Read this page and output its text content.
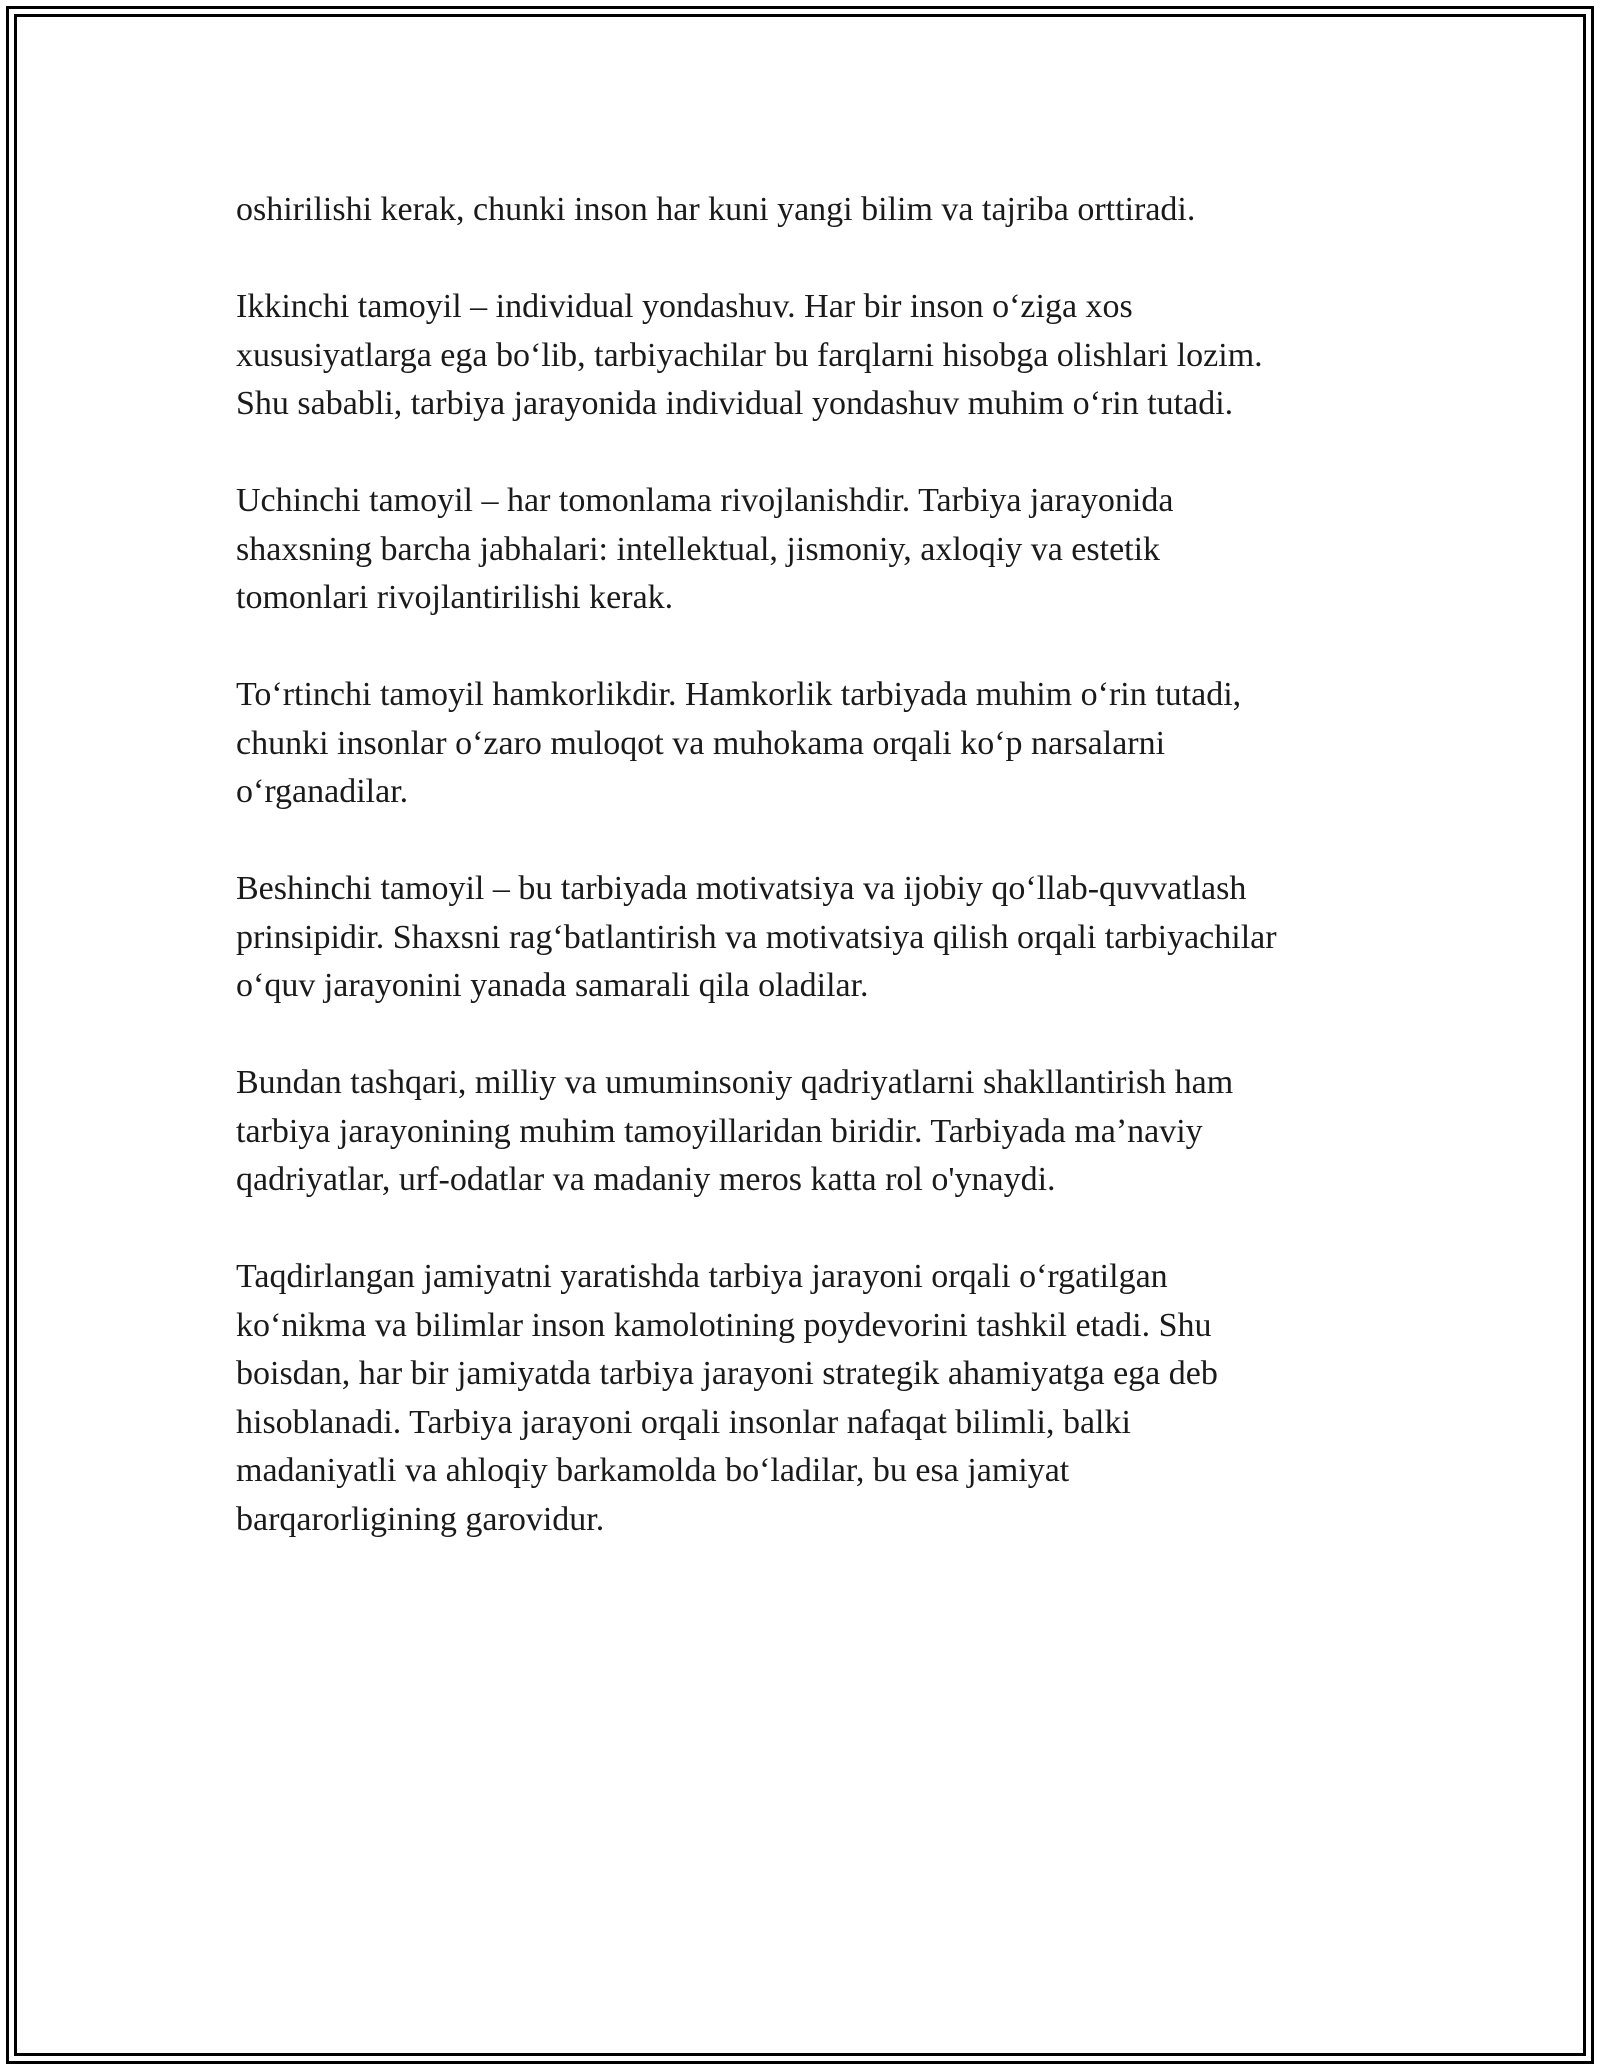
oshirilishi kerak, chunki inson har kuni yangi bilim va tajriba orttiradi.

Ikkinchi tamoyil – individual yondashuv. Har bir inson oʻziga xos
xususiyatlarga ega boʻlib, tarbiyachilar bu farqlarni hisobga olishlari lozim.
Shu sababli, tarbiya jarayonida individual yondashuv muhim oʻrin tutadi.

Uchinchi tamoyil – har tomonlama rivojlanishdir. Tarbiya jarayonida
shaxsning barcha jabhalari: intellektual, jismoniy, axloqiy va estetik
tomonlari rivojlantirilishi kerak.

Toʻrtinchi tamoyil hamkorlikdir. Hamkorlik tarbiyada muhim oʻrin tutadi,
chunki insonlar oʻzaro muloqot va muhokama orqali koʻp narsalarni
oʻrganadilar.

Beshinchi tamoyil – bu tarbiyada motivatsiya va ijobiy qoʻllab-quvvatlash
prinsipidir. Shaxsni ragʻbatlantirish va motivatsiya qilish orqali tarbiyachilar
oʻquv jarayonini yanada samarali qila oladilar.

Bundan tashqari, milliy va umuminsoniy qadriyatlarni shakllantirish ham
tarbiya jarayonining muhim tamoyillaridan biridir. Tarbiyada maʼnaviy
qadriyatlar, urf-odatlar va madaniy meros katta rol o'ynaydi.

Taqdirlangan jamiyatni yaratishda tarbiya jarayoni orqali oʻrgatilgan
koʻnikma va bilimlar inson kamolotining poydevorini tashkil etadi. Shu
boisdan, har bir jamiyatda tarbiya jarayoni strategik ahamiyatga ega deb
hisoblanadi. Tarbiya jarayoni orqali insonlar nafaqat bilimli, balki
madaniyatli va ahloqiy barkamolda boʻladilar, bu esa jamiyat
barqarorligining garovidur.
